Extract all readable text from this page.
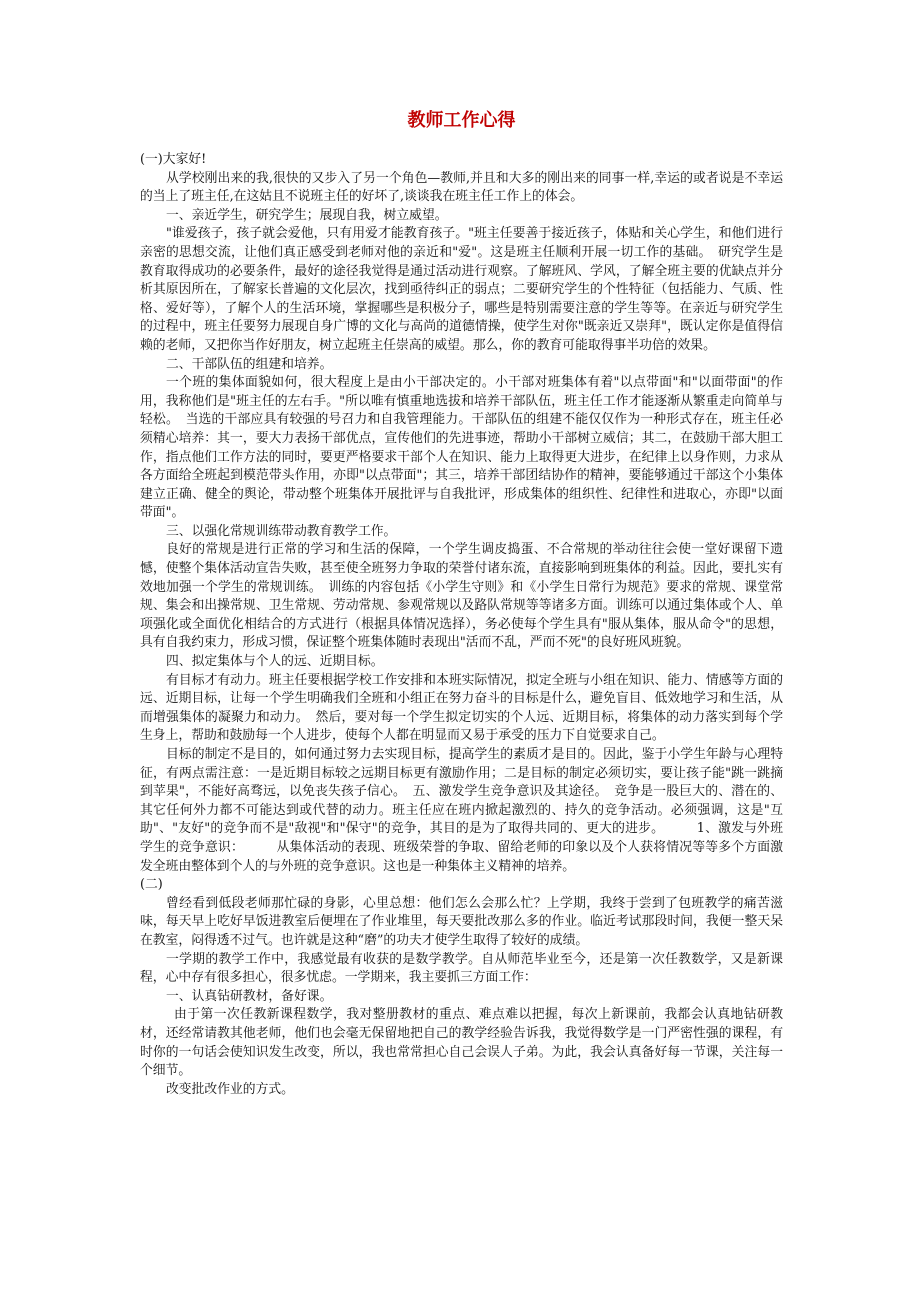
教师工作心得

(一)大家好!

从学校刚出来的我,很快的又步入了另一个角色—教师,并且和大多的刚出来的同事一样,幸运的或者说是不幸运的当上了班主任,在这姑且不说班主任的好坏了,谈谈我在班主任工作上的体会。

一、亲近学生，研究学生；展现自我，树立威望。

"谁爱孩子，孩子就会爱他，只有用爱才能教育孩子。"班主任要善于接近孩子，体贴和关心学生，和他们进行亲密的思想交流，让他们真正感受到老师对他的亲近和"爱"。这是班主任顺利开展一切工作的基础。　研究学生是教育取得成功的必要条件，最好的途径我觉得是通过活动进行观察。了解班风、学风，了解全班主要的优缺点并分析其原因所在，了解家长普遍的文化层次，找到亟待纠正的弱点；二要研究学生的个性特征（包括能力、气质、性格、爱好等），了解个人的生活环境，掌握哪些是积极分子，哪些是特别需要注意的学生等等。在亲近与研究学生的过程中，班主任要努力展现自身广博的文化与高尚的道德情操，使学生对你"既亲近又崇拜"，既认定你是值得信赖的老师，又把你当作好朋友，树立起班主任崇高的威望。那么，你的教育可能取得事半功倍的效果。

二、干部队伍的组建和培养。

一个班的集体面貌如何，很大程度上是由小干部决定的。小干部对班集体有着"以点带面"和"以面带面"的作用，我称他们是"班主任的左右手。"所以唯有慎重地选拔和培养干部队伍，班主任工作才能逐渐从繁重走向简单与轻松。　当选的干部应具有较强的号召力和自我管理能力。干部队伍的组建不能仅仅作为一种形式存在，班主任必须精心培养：其一，要大力表扬干部优点，宣传他们的先进事迹，帮助小干部树立威信；其二，在鼓励干部大胆工作，指点他们工作方法的同时，要更严格要求干部个人在知识、能力上取得更大进步，在纪律上以身作则，力求从各方面给全班起到模范带头作用，亦即"以点带面"；其三，培养干部团结协作的精神，要能够通过干部这个小集体建立正确、健全的舆论，带动整个班集体开展批评与自我批评，形成集体的组织性、纪律性和进取心，亦即"以面带面"。

三、以强化常规训练带动教育教学工作。

良好的常规是进行正常的学习和生活的保障，一个学生调皮捣蛋、不合常规的举动往往会使一堂好课留下遗憾，使整个集体活动宣告失败，甚至使全班努力争取的荣誉付诸东流，直接影响到班集体的利益。因此，要扎实有效地加强一个学生的常规训练。　训练的内容包括《小学生守则》和《小学生日常行为规范》要求的常规、课堂常规、集会和出操常规、卫生常规、劳动常规、参观常规以及路队常规等等诸多方面。训练可以通过集体或个人、单项强化或全面优化相结合的方式进行（根据具体情况选择），务必使每个学生具有"服从集体，服从命令"的思想，具有自我约束力，形成习惯，保证整个班集体随时表现出"活而不乱，严而不死"的良好班风班貌。

四、拟定集体与个人的远、近期目标。

有目标才有动力。班主任要根据学校工作安排和本班实际情况，拟定全班与小组在知识、能力、情感等方面的远、近期目标，让每一个学生明确我们全班和小组正在努力奋斗的目标是什么，避免盲目、低效地学习和生活，从而增强集体的凝聚力和动力。　然后，要对每一个学生拟定切实的个人远、近期目标，将集体的动力落实到每个学生身上，帮助和鼓励每一个人进步，使每个人都在明显而又易于承受的压力下自觉要求自己。

目标的制定不是目的，如何通过努力去实现目标，提高学生的素质才是目的。因此，鉴于小学生年龄与心理特征，有两点需注意：一是近期目标较之远期目标更有激励作用；二是目标的制定必须切实，要让孩子能"跳一跳摘到苹果"，不能好高骛远，以免丧失孩子信心。　五、激发学生竞争意识及其途径。　竞争是一股巨大的、潜在的、其它任何外力都不可能达到或代替的动力。班主任应在班内掀起激烈的、持久的竞争活动。必须强调，这是"互助"、"友好"的竞争而不是"敌视"和"保守"的竞争，其目的是为了取得共同的、更大的进步。　　　1、激发与外班学生的竞争意识：　　　从集体活动的表现、班级荣誉的争取、留给老师的印象以及个人获将情况等等多个方面激发全班由整体到个人的与外班的竞争意识。这也是一种集体主义精神的培养。

(二)

曾经看到低段老师那忙碌的身影，心里总想：他们怎么会那么忙？上学期，我终于尝到了包班教学的痛苦滋味，每天早上吃好早饭进教室后便埋在了作业堆里，每天要批改那么多的作业。临近考试那段时间，我便一整天呆在教室，闷得透不过气。也许就是这种“磨”的功夫才使学生取得了较好的成绩。

一学期的教学工作中，我感觉最有收获的是数学教学。自从师范毕业至今，还是第一次任教数学，又是新课程，心中存有很多担心，很多忧虑。一学期来，我主要抓三方面工作：

一、认真钻研教材，备好课。

由于第一次任教新课程数学，我对整册教材的重点、难点难以把握，每次上新课前，我都会认真地钻研教材，还经常请教其他老师，他们也会毫无保留地把自己的教学经验告诉我，我觉得数学是一门严密性强的课程，有时你的一句话会使知识发生改变，所以，我也常常担心自己会误人子弟。为此，我会认真备好每一节课，关注每一个细节。

改变批改作业的方式。
